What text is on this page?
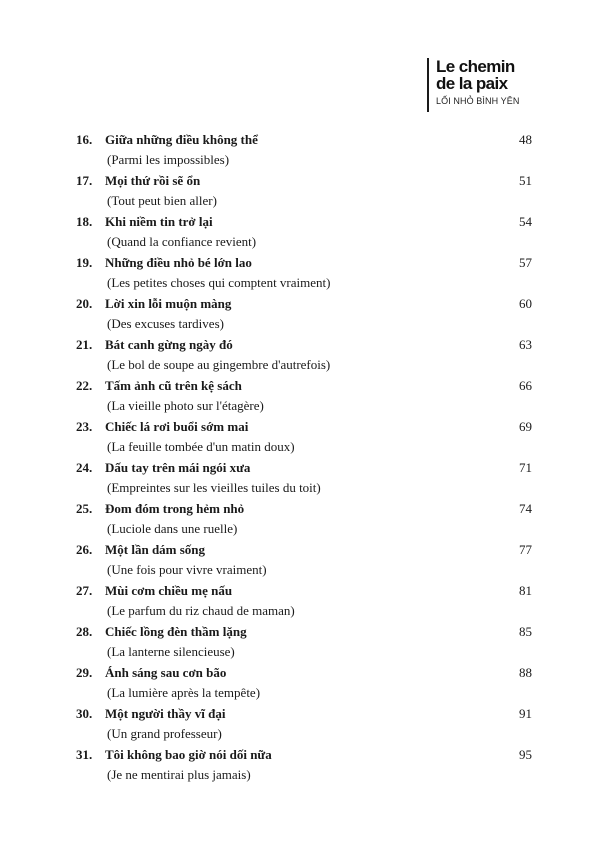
Le chemin
de la paix
LỐI NHỎ BÌNH YÊN
16. Giữa những điều không thể	48
(Parmi les impossibles)
17. Mọi thứ rồi sẽ ổn	51
(Tout peut bien aller)
18. Khi niềm tin trở lại	54
(Quand la confiance revient)
19. Những điều nhỏ bé lớn lao	57
(Les petites choses qui comptent vraiment)
20. Lời xin lỗi muộn màng	60
(Des excuses tardives)
21. Bát canh gừng ngày đó	63
(Le bol de soupe au gingembre d'autrefois)
22. Tấm ảnh cũ trên kệ sách	66
(La vieille photo sur l'étagère)
23. Chiếc lá rơi buổi sớm mai	69
(La feuille tombée d'un matin doux)
24. Dấu tay trên mái ngói xưa	71
(Empreintes sur les vieilles tuiles du toit)
25. Đom đóm trong hẻm nhỏ	74
(Luciole dans une ruelle)
26. Một lần dám sống	77
(Une fois pour vivre vraiment)
27. Mùi cơm chiều mẹ nấu	81
(Le parfum du riz chaud de maman)
28. Chiếc lồng đèn thầm lặng	85
(La lanterne silencieuse)
29. Ánh sáng sau cơn bão	88
(La lumière après la tempête)
30. Một người thầy vĩ đại	91
(Un grand professeur)
31. Tôi không bao giờ nói dối nữa	95
(Je ne mentirai plus jamais)
